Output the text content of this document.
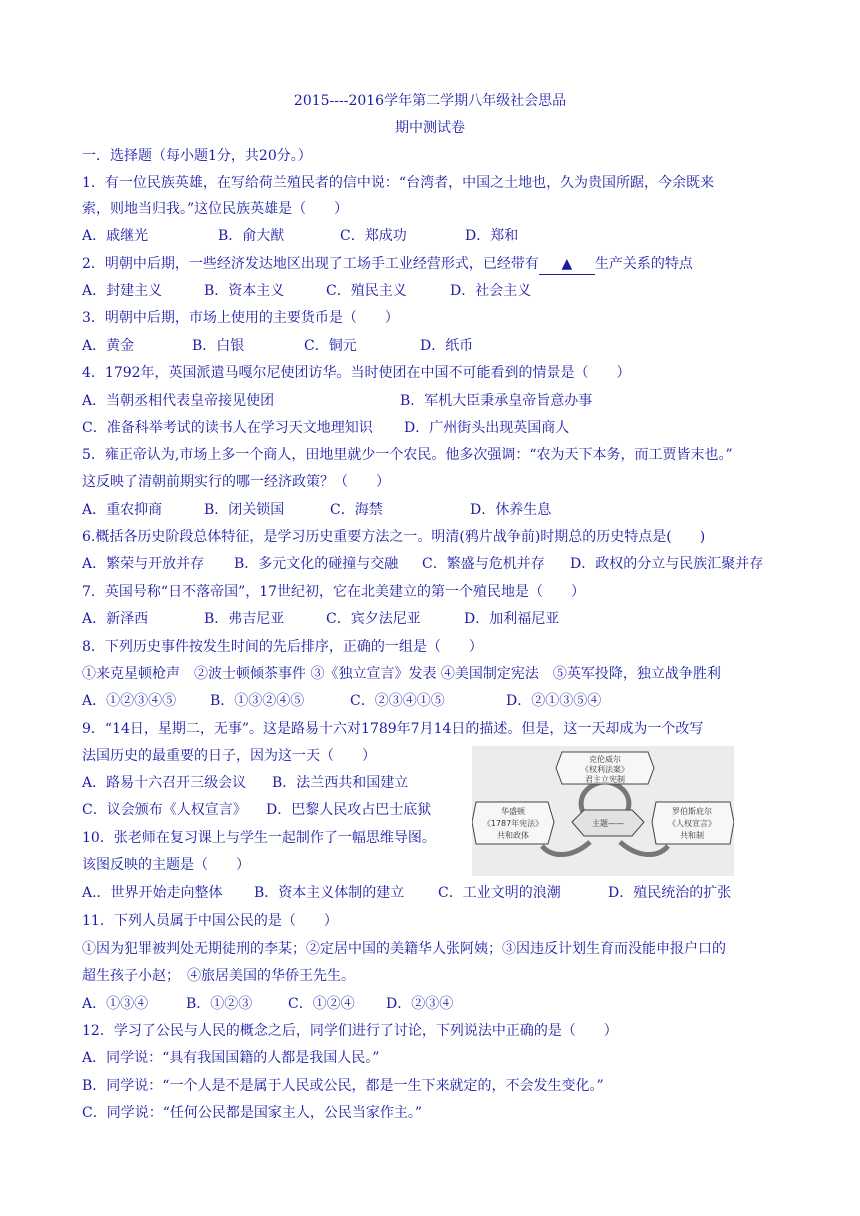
2015----2016学年第二学期八年级社会思品
期中测试卷
一．选择题（每小题1分，共20分。）
1．有一位民族英雄，在写给荷兰殖民者的信中说：“台湾者，中国之土地也，久为贵国所踞，今余既来
索，则地当归我。”这位民族英雄是（　　）
A．戚继光	B．俞大猷	C．郑成功	D．郑和
2．明朝中后期，一些经济发达地区出现了工场手工业经营形式，已经带有 ▲ 生产关系的特点
A．封建主义	B．资本主义	C．殖民主义	D．社会主义
3．明朝中后期，市场上使用的主要货币是（　　）
A．黄金	B．白银	C．铜元	D．纸币
4．1792年，英国派遣马嘎尔尼使团访华。当时使团在中国不可能看到的情景是（　　）
A．当朝丞相代表皇帝接见使团	B．军机大臣秉承皇帝旨意办事
C．准备科举考试的读书人在学习天文地理知识 D．广州街头出现英国商人
5．雍正帝认为,市场上多一个商人，田地里就少一个农民。他多次强调：“农为天下本务，而工贾皆末也。”
这反映了清朝前期实行的哪一经济政策？（　　）
A．重农抑商	B．闭关锁国	C．海禁	D．休养生息
6.概括各历史阶段总体特征，是学习历史重要方法之一。明清(鸦片战争前)时期总的历史特点是(　　)
A．繁荣与开放并存 B．多元文化的碰撞与交融 C．繁盛与危机并存 D．政权的分立与民族汇聚并存
7．英国号称“日不落帝国”，17世纪初，它在北美建立的第一个殖民地是（　　）
A．新泽西	B．弗吉尼亚	C．宾夕法尼亚	D．加利福尼亚
8．下列历史事件按发生时间的先后排序，正确的一组是（　　）
①来克星顿枪声　②波士顿倾茶事件 ③《独立宣言》发表 ④美国制定宪法　⑤英军投降，独立战争胜利
A．①②③④⑤ B．①③②④⑤	C．②③④①⑤	D．②①③⑤④
9．“14日，星期二，无事”。这是路易十六对1789年7月14日的描述。但是，这一天却成为一个改写
法国历史的最重要的日子，因为这一天（　　）
A．路易十六召开三级会议 B．法兰西共和国建立
C．议会颁布《人权宣言》 D．巴黎人民攻占巴士底狱
10．张老师在复习课上与学生一起制作了一幅思维导图。
该图反映的主题是（　　）
A.．世界开始走向整体 B．资本主义体制的建立 C．工业文明的浪潮	D．殖民统治的扩张
克伦威尔
《权利法案》
君主立宪制
华盛顿
《1787年宪法》
共和政体
罗伯斯庇尔
《人权宣言》
共和制
主题——
11．下列人员属于中国公民的是（　　）
①因为犯罪被判处无期徒刑的李某；②定居中国的美籍华人张阿姨；③因违反计划生育而没能申报户口的
超生孩子小赵；　④旅居美国的华侨王先生。
A．①③④	B．①②③	C．①②④ D．②③④
12．学习了公民与人民的概念之后，同学们进行了讨论，下列说法中正确的是（　　）
A．同学说：“具有我国国籍的人都是我国人民。”
B．同学说：“一个人是不是属于人民或公民，都是一生下来就定的，不会发生变化。”
C．同学说：“任何公民都是国家主人，公民当家作主。”
